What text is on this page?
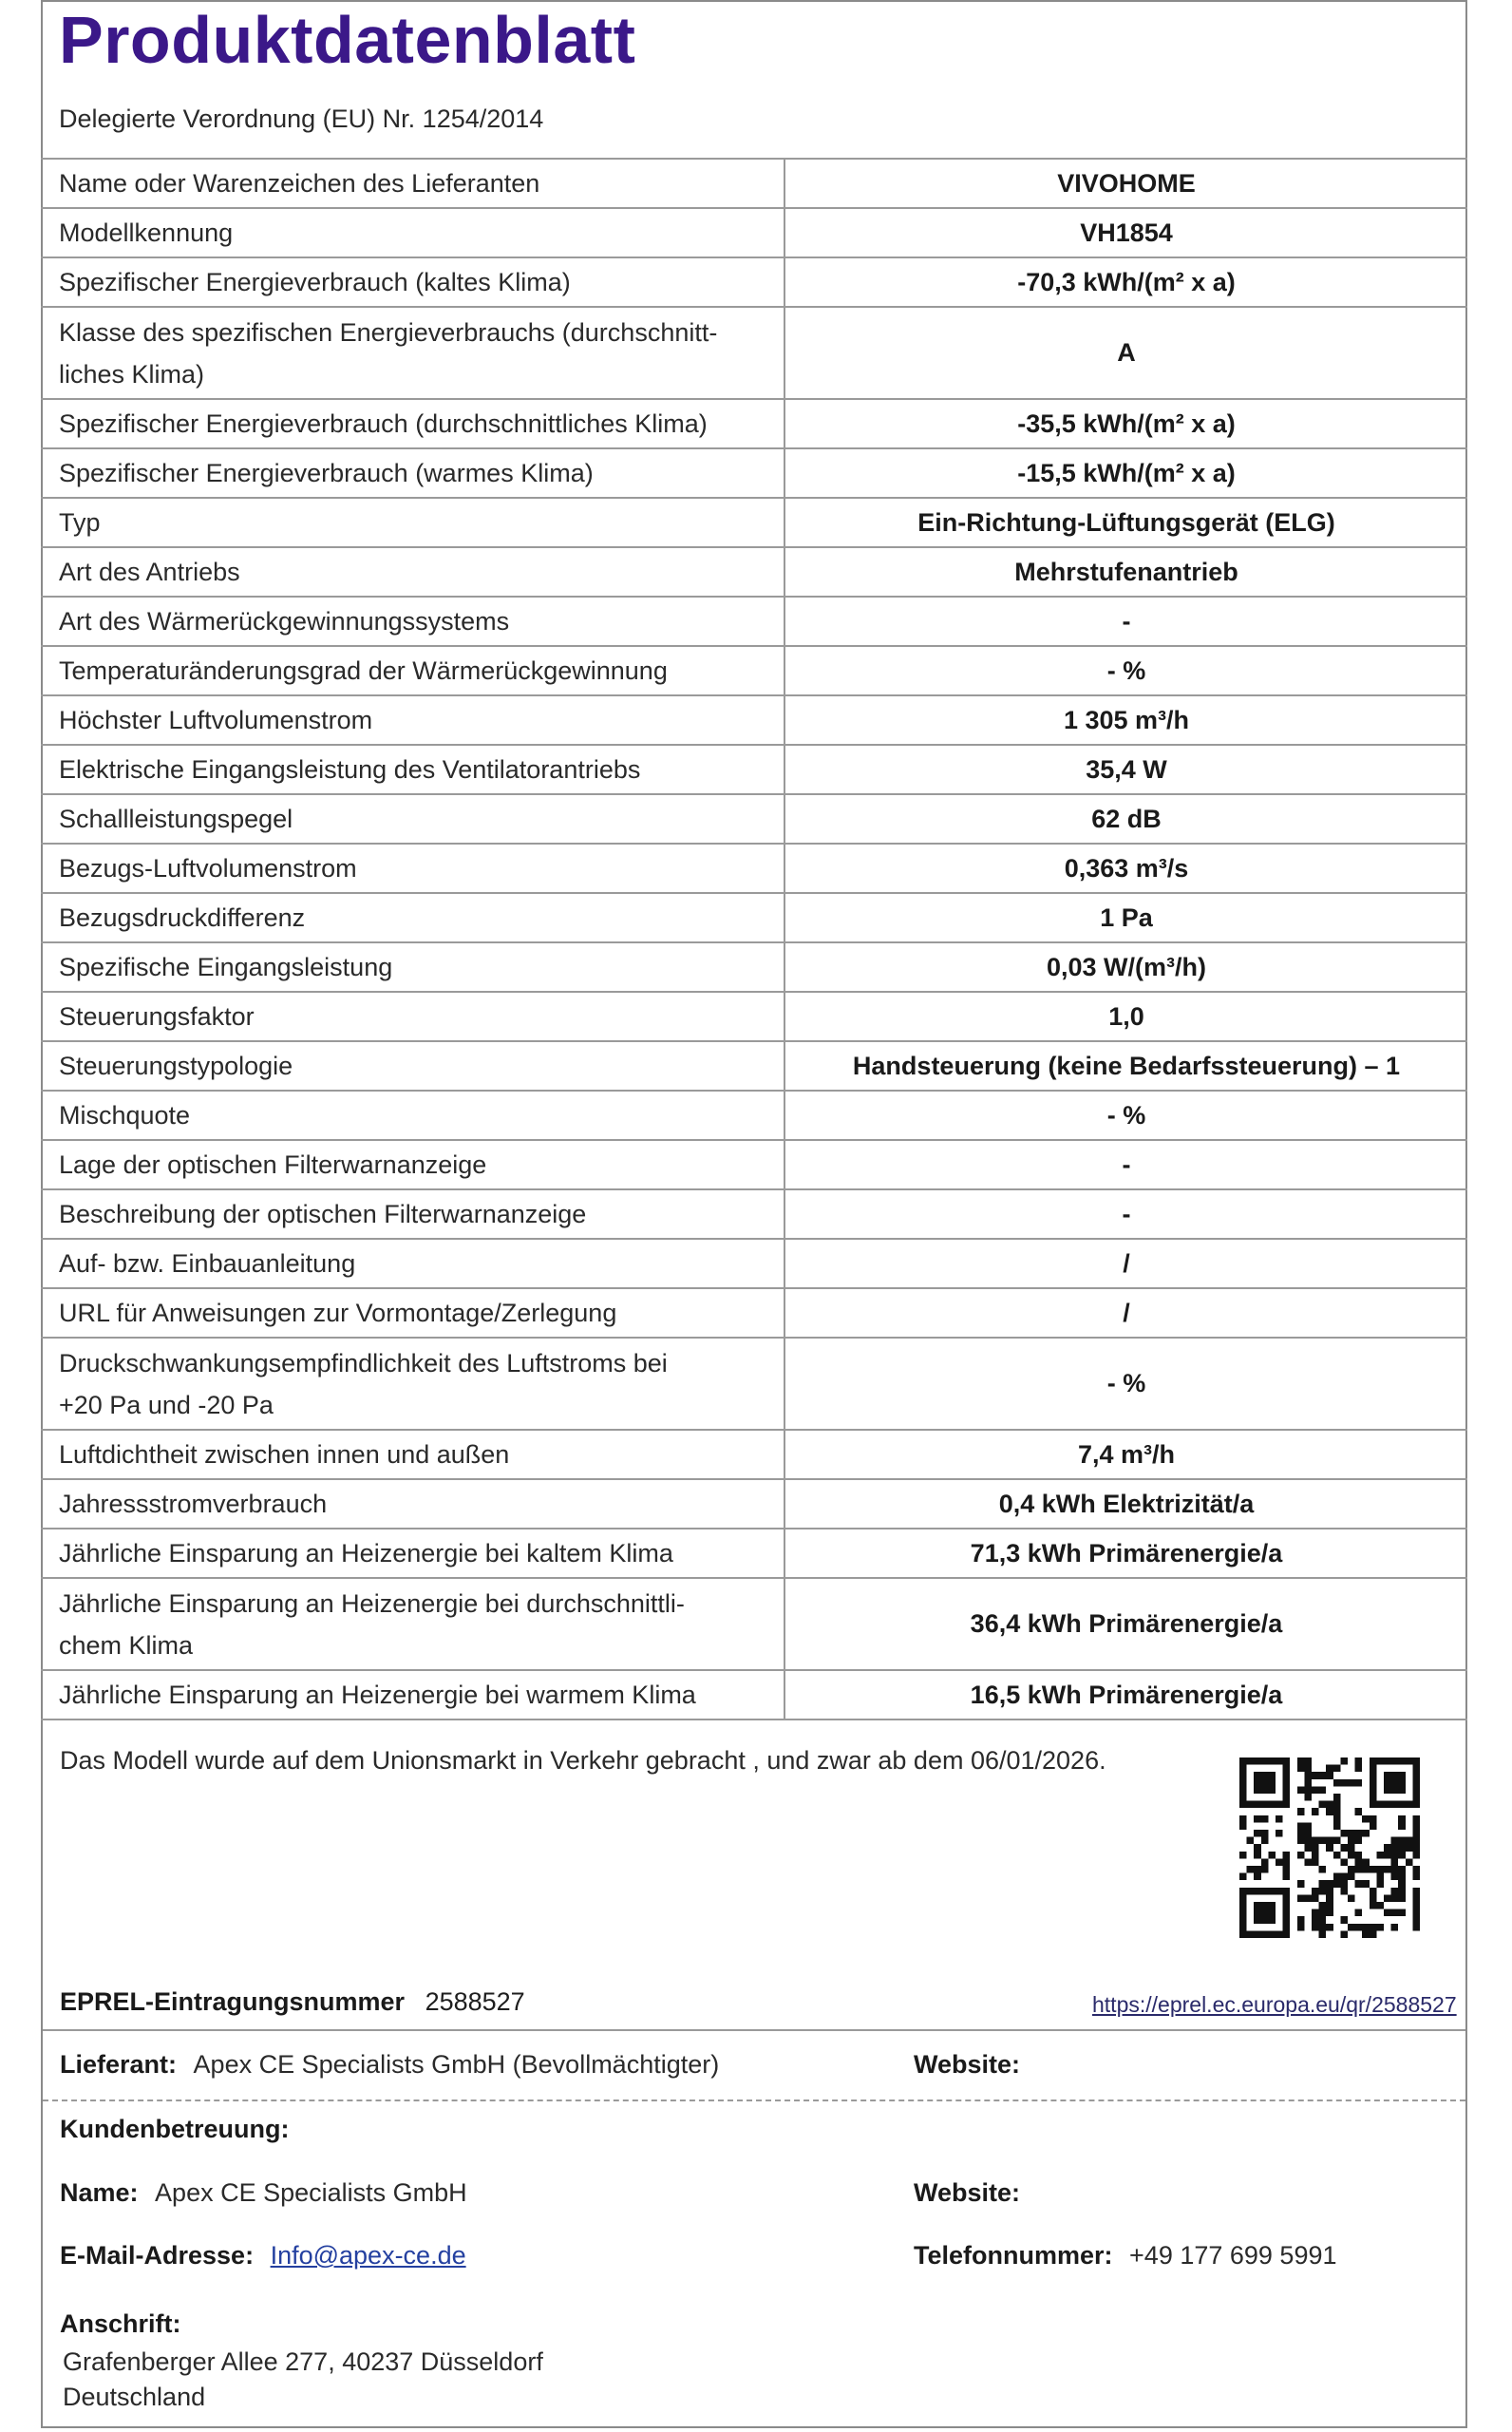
Produktdatenblatt
Delegierte Verordnung (EU) Nr. 1254/2014
Name oder Warenzeichen des Lieferanten	VIVOHOME
Modellkennung	VH1854
Spezifischer Energieverbrauch (kaltes Klima)	-70,3 kWh/(m² x a)
Klasse des spezifischen Energieverbrauchs (durchschnitt-
liches Klima)	A
Spezifischer Energieverbrauch (durchschnittliches Klima)	-35,5 kWh/(m² x a)
Spezifischer Energieverbrauch (warmes Klima)	-15,5 kWh/(m² x a)
Typ	Ein-Richtung-Lüftungsgerät (ELG)
Art des Antriebs	Mehrstufenantrieb
Art des Wärmerückgewinnungssystems	-
Temperaturänderungsgrad der Wärmerückgewinnung	- %
Höchster Luftvolumenstrom	1 305 m³/h
Elektrische Eingangsleistung des Ventilatorantriebs	35,4 W
Schallleistungspegel	62 dB
Bezugs-Luftvolumenstrom	0,363 m³/s
Bezugsdruckdifferenz	1 Pa
Spezifische Eingangsleistung	0,03 W/(m³/h)
Steuerungsfaktor	1,0
Steuerungstypologie	Handsteuerung (keine Bedarfssteuerung) – 1
Mischquote	- %
Lage der optischen Filterwarnanzeige	-
Beschreibung der optischen Filterwarnanzeige	-
Auf- bzw. Einbauanleitung	/
URL für Anweisungen zur Vormontage/Zerlegung	/
Druckschwankungsempfindlichkeit des Luftstroms bei
+20 Pa und -20 Pa	- %
Luftdichtheit zwischen innen und außen	7,4 m³/h
Jahressstromverbrauch	0,4 kWh Elektrizität/a
Jährliche Einsparung an Heizenergie bei kaltem Klima	71,3 kWh Primärenergie/a
Jährliche Einsparung an Heizenergie bei durchschnittli-
chem Klima	36,4 kWh Primärenergie/a
Jährliche Einsparung an Heizenergie bei warmem Klima	16,5 kWh Primärenergie/a
Das Modell wurde auf dem Unionsmarkt in Verkehr gebracht , und zwar ab dem 06/01/2026.
EPREL-Eintragungsnummer 2588527	https://eprel.ec.europa.eu/qr/2588527
Lieferant: Apex CE Specialists GmbH (Bevollmächtigter)	Website:
Kundenbetreuung:
Name: Apex CE Specialists GmbH	Website:
E-Mail-Adresse: Info@apex-ce.de	Telefonnummer: +49 177 699 5991
Anschrift:
Grafenberger Allee 277, 40237 Düsseldorf
Deutschland
